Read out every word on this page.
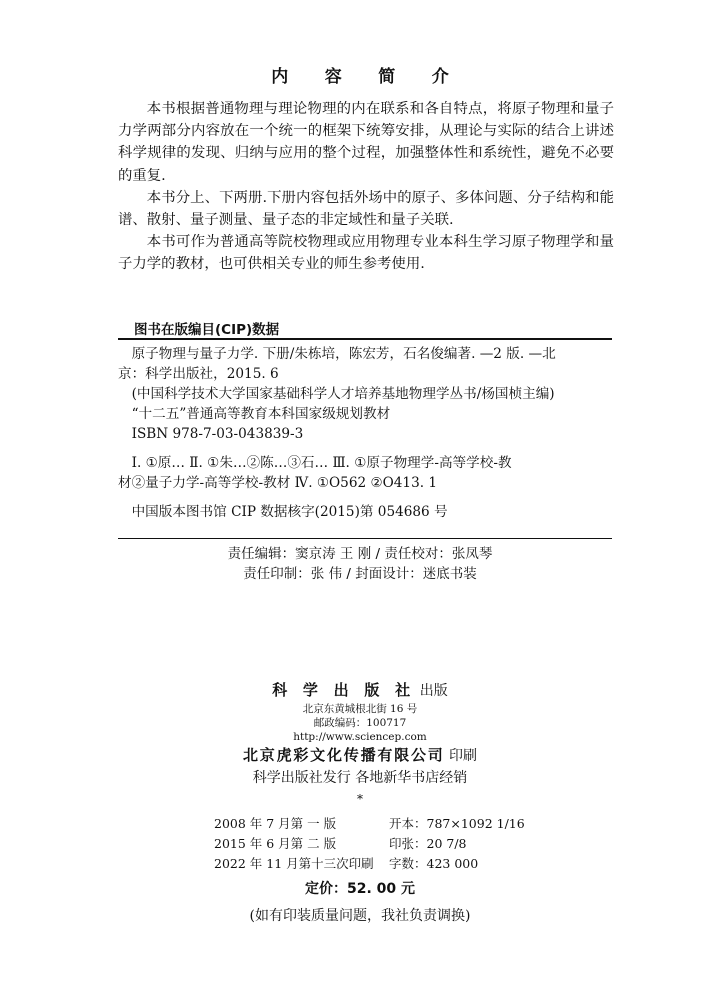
内 容 简 介

本书根据普通物理与理论物理的内在联系和各自特点，将原子物理和量子力学两部分内容放在一个统一的框架下统筹安排，从理论与实际的结合上讲述科学规律的发现、归纳与应用的整个过程，加强整体性和系统性，避免不必要的重复.

本书分上、下两册.下册内容包括外场中的原子、多体问题、分子结构和能谱、散射、量子测量、量子态的非定域性和量子关联.

本书可作为普通高等院校物理或应用物理专业本科生学习原子物理学和量子力学的教材，也可供相关专业的师生参考使用.

图书在版编目(CIP)数据
原子物理与量子力学. 下册/朱栋培，陈宏芳，石名俊编著. —2 版. —北
京：科学出版社，2015. 6
(中国科学技术大学国家基础科学人才培养基地物理学丛书/杨国桢主编)
“十二五”普通高等教育本科国家级规划教材
ISBN 978-7-03-043839-3
Ⅰ. ①原… Ⅱ. ①朱…②陈…③石… Ⅲ. ①原子物理学-高等学校-教
材②量子力学-高等学校-教材 Ⅳ. ①O562 ②O413. 1
中国版本图书馆 CIP 数据核字(2015)第 054686 号
责任编辑：窦京涛 王 刚 / 责任校对：张凤琴
责任印制：张 伟 / 封面设计：迷底书装
科 学 出 版 社 出版
北京东黄城根北街 16 号
邮政编码：100717
http://www.sciencep.com
北京虎彩文化传播有限公司 印刷
科学出版社发行 各地新华书店经销
*
2008 年 7 月第 一 版	开本：787×1092 1/16
2015 年 6 月第 二 版	印张：20 7/8
2022 年 11 月第十三次印刷	字数：423 000
定价：52. 00 元
(如有印装质量问题，我社负责调换)
